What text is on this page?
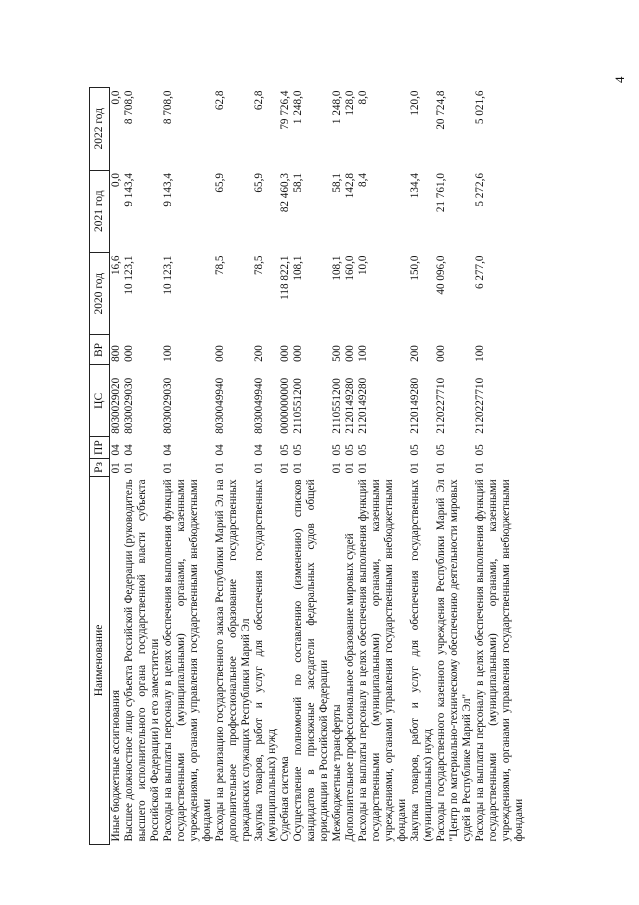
4
Наименование	Рз	ПР	ЦС	ВР	2020 год	2021 год	2022 год
Иные бюджетные ассигнования	01	04	8030029020	800	16,6	0,0	0,0
Высшее должностное лицо субъекта Российской Федерации (руководитель высшего исполнительного органа государственной власти субъекта Российской Федерации) и его заместители	01	04	8030029030	000	10 123,1	9 143,4	8 708,0
Расходы на выплаты персоналу в целях обеспечения выполнения функций государственными (муниципальными) органами, казенными учреждениями, органами управления государственными внебюджетными фондами	01	04	8030029030	100	10 123,1	9 143,4	8 708,0
Расходы на реализацию государственного заказа Республики Марий Эл на дополнительное профессиональное образование государственных гражданских служащих Республики Марий Эл	01	04	8030049940	000	78,5	65,9	62,8
Закупка товаров, работ и услуг для обеспечения государственных (муниципальных) нужд	01	04	8030049940	200	78,5	65,9	62,8
Судебная система	01	05	0000000000	000	118 822,1	82 460,3	79 726,4
Осуществление полномочий по составлению (изменению) списков кандидатов в присяжные заседатели федеральных судов общей юрисдикции в Российской Федерации	01	05	2110551200	000	108,1	58,1	1 248,0
Межбюджетные трансферты	01	05	2110551200	500	108,1	58,1	1 248,0
Дополнительное профессиональное образование мировых судей	01	05	2120149280	000	160,0	142,8	128,0
Расходы на выплаты персоналу в целях обеспечения выполнения функций государственными (муниципальными) органами, казенными учреждениями, органами управления государственными внебюджетными фондами	01	05	2120149280	100	10,0	8,4	8,0
Закупка товаров, работ и услуг для обеспечения государственных (муниципальных) нужд	01	05	2120149280	200	150,0	134,4	120,0
Расходы государственного казенного учреждения Республики Марий Эл "Центр по материально-техническому обеспечению деятельности мировых судей в Республике Марий Эл"	01	05	2120227710	000	40 096,0	21 761,0	20 724,8
Расходы на выплаты персоналу в целях обеспечения выполнения функций государственными (муниципальными) органами, казенными учреждениями, органами управления государственными внебюджетными фондами	01	05	2120227710	100	6 277,0	5 272,6	5 021,6
